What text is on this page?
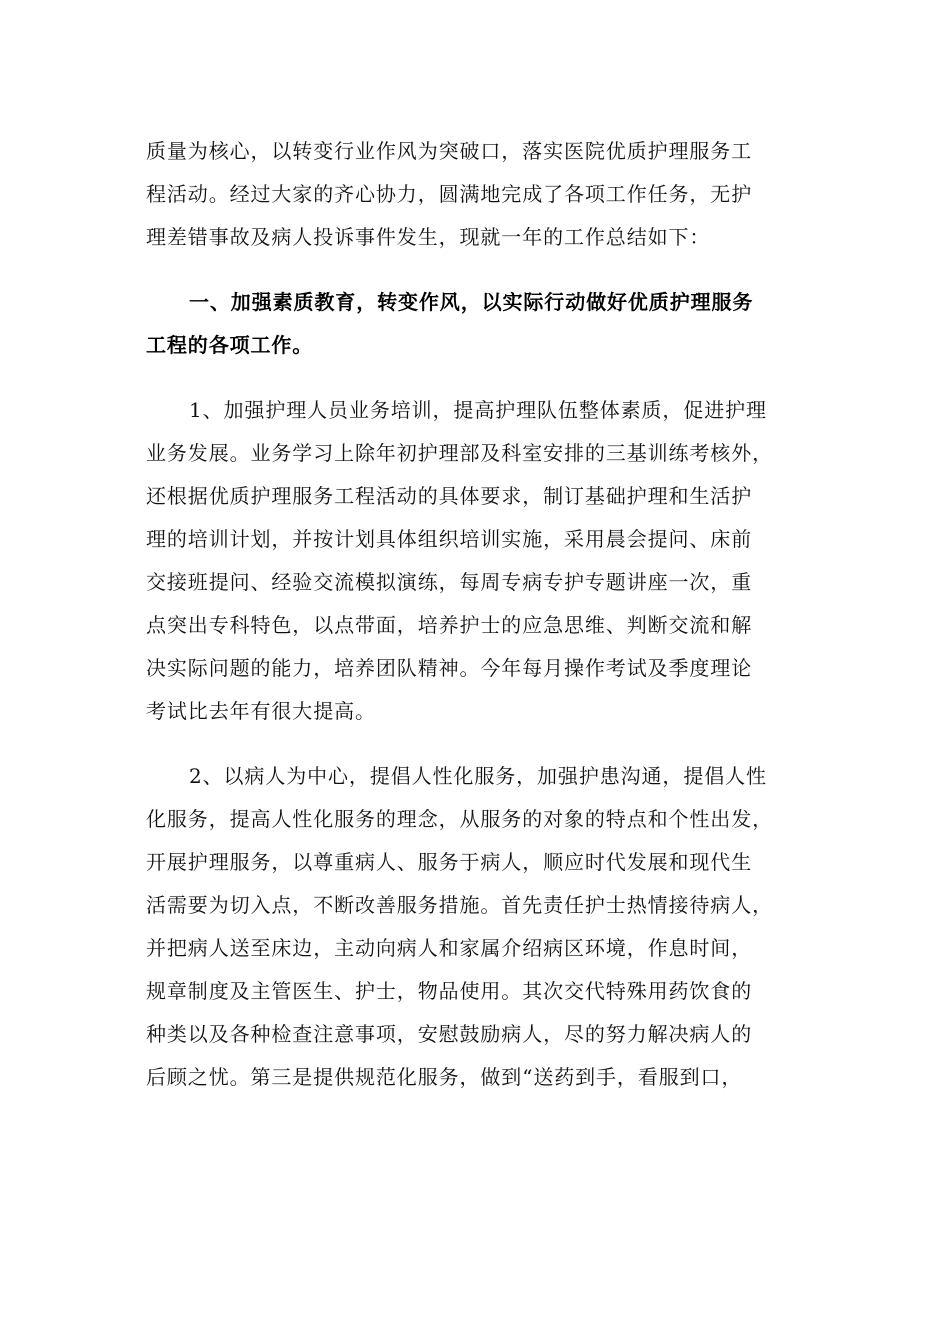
质量为核心，以转变行业作风为突破口，落实医院优质护理服务工
程活动。经过大家的齐心协力，圆满地完成了各项工作任务，无护
理差错事故及病人投诉事件发生，现就一年的工作总结如下：

一、加强素质教育，转变作风，以实际行动做好优质护理服务
工程的各项工作。

1、加强护理人员业务培训，提高护理队伍整体素质，促进护理
业务发展。业务学习上除年初护理部及科室安排的三基训练考核外，
还根据优质护理服务工程活动的具体要求，制订基础护理和生活护
理的培训计划，并按计划具体组织培训实施，采用晨会提问、床前
交接班提问、经验交流模拟演练，每周专病专护专题讲座一次，重
点突出专科特色，以点带面，培养护士的应急思维、判断交流和解
决实际问题的能力，培养团队精神。今年每月操作考试及季度理论
考试比去年有很大提高。

2、以病人为中心，提倡人性化服务，加强护患沟通，提倡人性
化服务，提高人性化服务的理念，从服务的对象的特点和个性出发，
开展护理服务，以尊重病人、服务于病人，顺应时代发展和现代生
活需要为切入点，不断改善服务措施。首先责任护士热情接待病人，
并把病人送至床边，主动向病人和家属介绍病区环境，作息时间，
规章制度及主管医生、护士，物品使用。其次交代特殊用药饮食的
种类以及各种检查注意事项，安慰鼓励病人，尽的努力解决病人的
后顾之忧。第三是提供规范化服务，做到“送药到手，看服到口，
